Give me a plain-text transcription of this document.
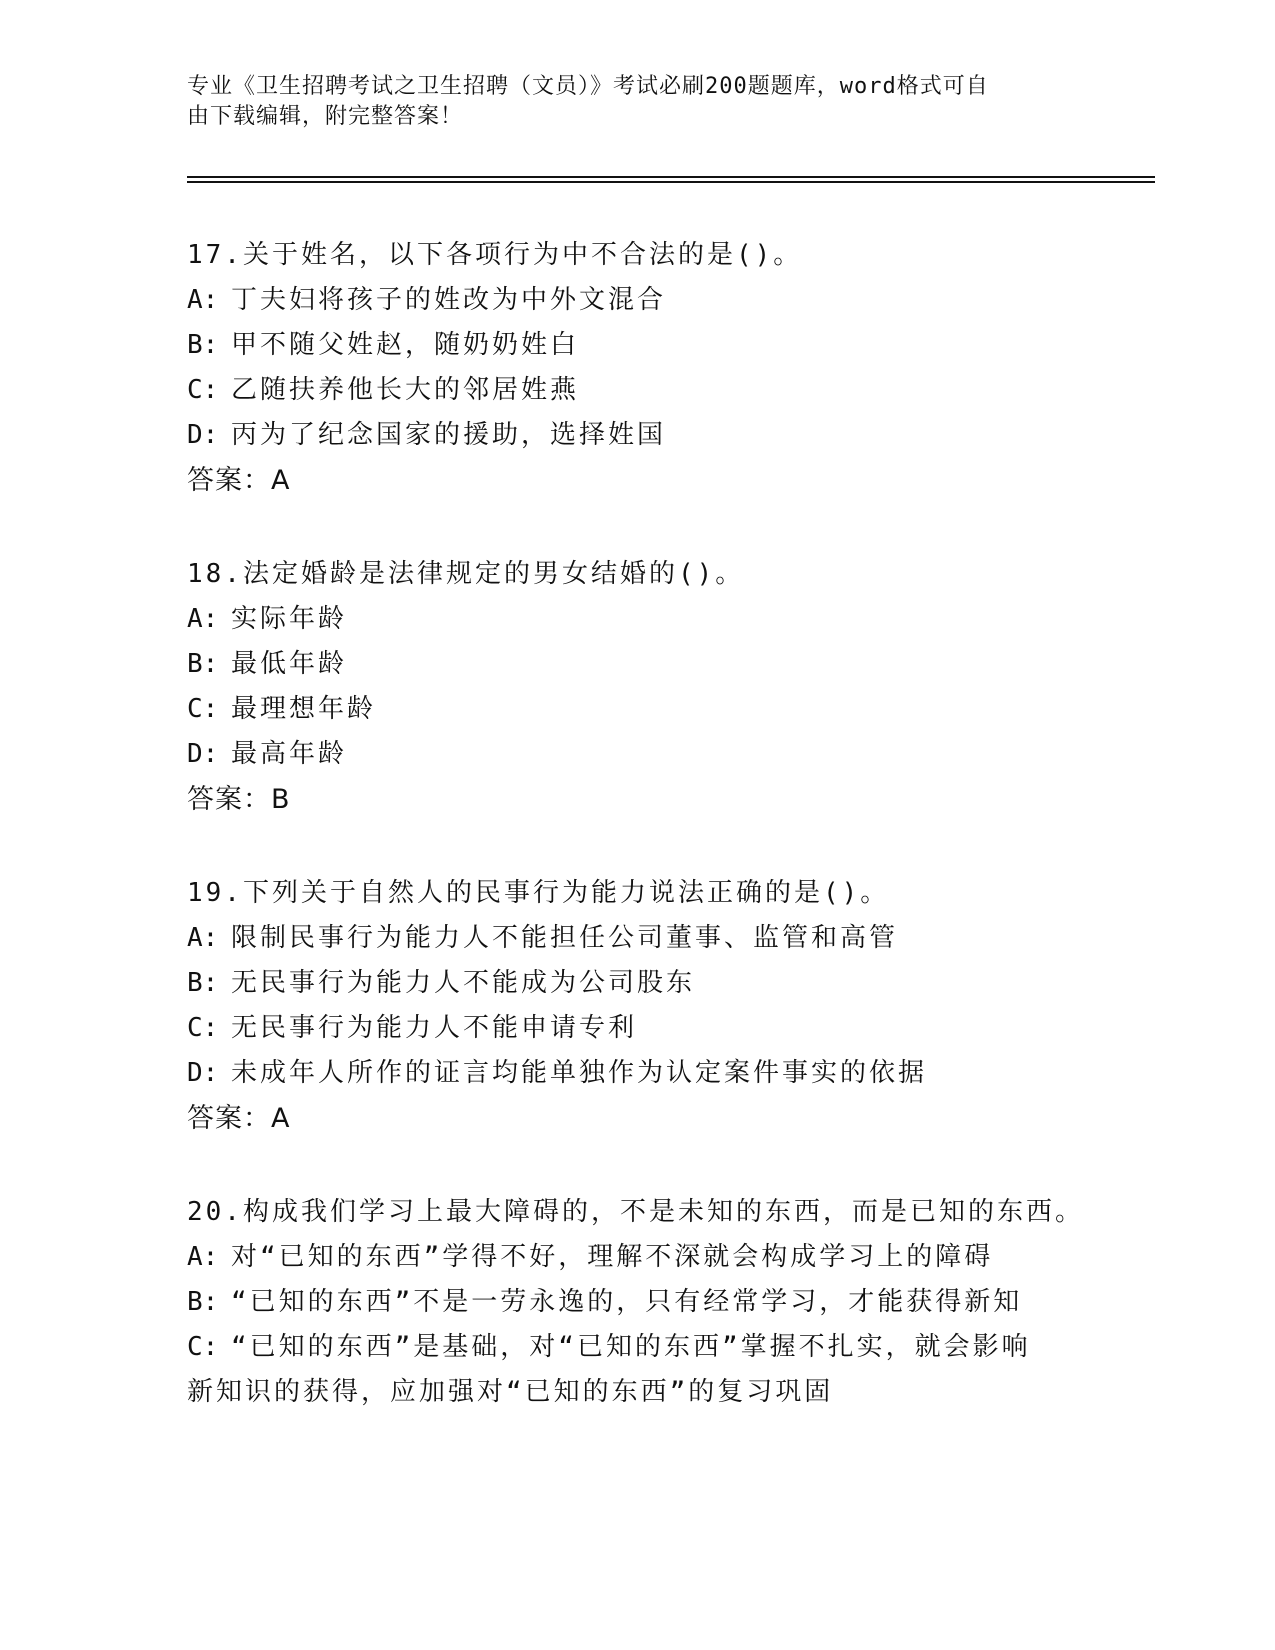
专业《卫生招聘考试之卫生招聘（文员）》考试必刷200题题库，word格式可自
由下载编辑，附完整答案！
17.关于姓名，以下各项行为中不合法的是()。
A: 丁夫妇将孩子的姓改为中外文混合
B: 甲不随父姓赵，随奶奶姓白
C: 乙随扶养他长大的邻居姓燕
D: 丙为了纪念国家的援助，选择姓国
答案：A
18.法定婚龄是法律规定的男女结婚的()。
A: 实际年龄
B: 最低年龄
C: 最理想年龄
D: 最高年龄
答案：B
19.下列关于自然人的民事行为能力说法正确的是()。
A: 限制民事行为能力人不能担任公司董事、监管和高管
B: 无民事行为能力人不能成为公司股东
C: 无民事行为能力人不能申请专利
D: 未成年人所作的证言均能单独作为认定案件事实的依据
答案：A
20.构成我们学习上最大障碍的，不是未知的东西，而是已知的东西。
A: 对“已知的东西”学得不好，理解不深就会构成学习上的障碍
B: “已知的东西”不是一劳永逸的，只有经常学习，才能获得新知
C: “已知的东西”是基础，对“已知的东西”掌握不扎实，就会影响
新知识的获得，应加强对“已知的东西”的复习巩固
